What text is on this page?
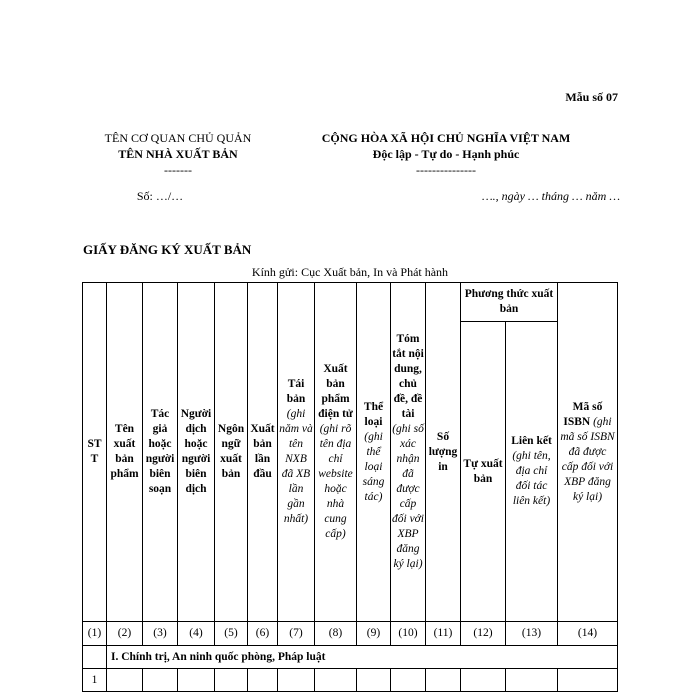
Mẫu số 07
TÊN CƠ QUAN CHỦ QUẢN
TÊN NHÀ XUẤT BẢN
-------
CỘNG HÒA XÃ HỘI CHỦ NGHĨA VIỆT NAM
Độc lập - Tự do - Hạnh phúc
---------------
Số: …/…	…., ngày … tháng … năm …
GIẤY ĐĂNG KÝ XUẤT BẢN
Kính gửi: Cục Xuất bản, In và Phát hành
STT	Tên xuất bản phẩm	Tác giả hoặc người biên soạn	Người dịch hoặc người biên dịch	Ngôn ngữ xuất bản	Xuất bản lần đầu	Tái bản (ghi năm và tên NXB đã XB lần gần nhất)	Xuất bản phẩm điện tử (ghi rõ tên địa chỉ website hoặc nhà cung cấp)	Thể loại (ghi thể loại sáng tác)	Tóm tắt nội dung, chủ đề, đề tài (ghi số xác nhận đã được cấp đối với XBP đăng ký lại)	Số lượng in	Phương thức xuất bản		Mã số ISBN (ghi mã số ISBN đã được cấp đối với XBP đăng ký lại)
											Tự xuất bản	Liên kết (ghi tên, địa chỉ đối tác liên kết)	
(1)	(2)	(3)	(4)	(5)	(6)	(7)	(8)	(9)	(10)	(11)	(12)	(13)	(14)
	I. Chính trị, An ninh quốc phòng, Pháp luật												
1													
